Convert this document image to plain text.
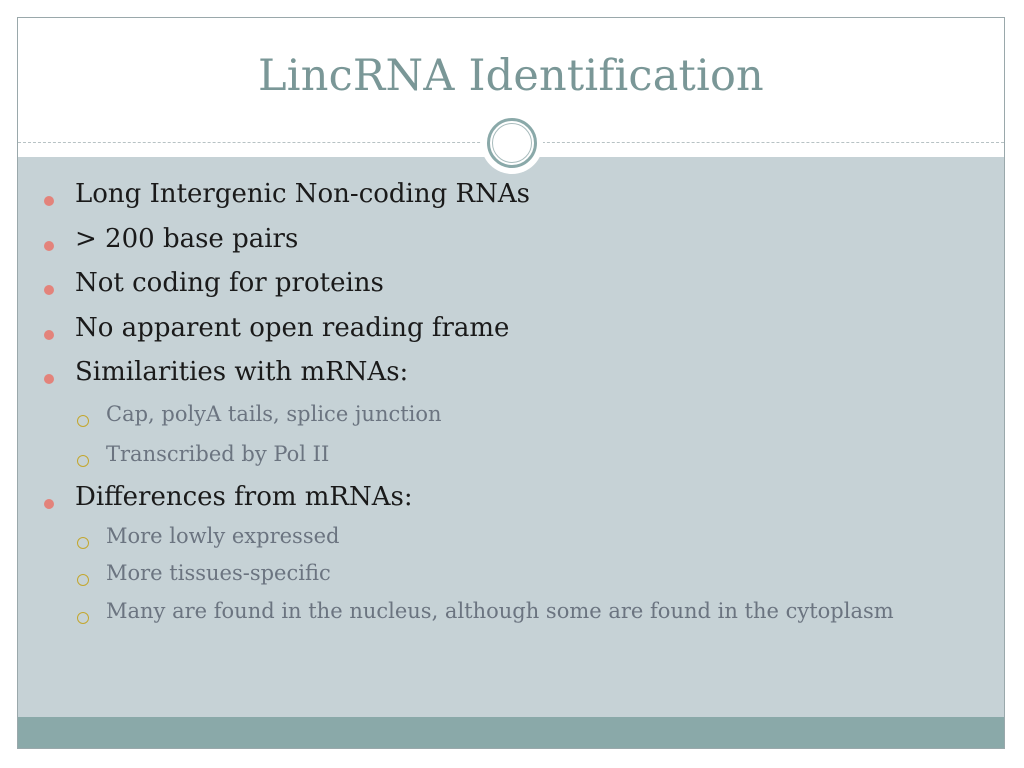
LincRNA Identification
Long Intergenic Non-coding RNAs
> 200 base pairs
Not coding for proteins
No apparent open reading frame
Similarities with mRNAs:
Cap, polyA tails, splice junction
Transcribed by Pol II
Differences from mRNAs:
More lowly expressed
More tissues-specific
Many are found in the nucleus, although some are found in the cytoplasm
